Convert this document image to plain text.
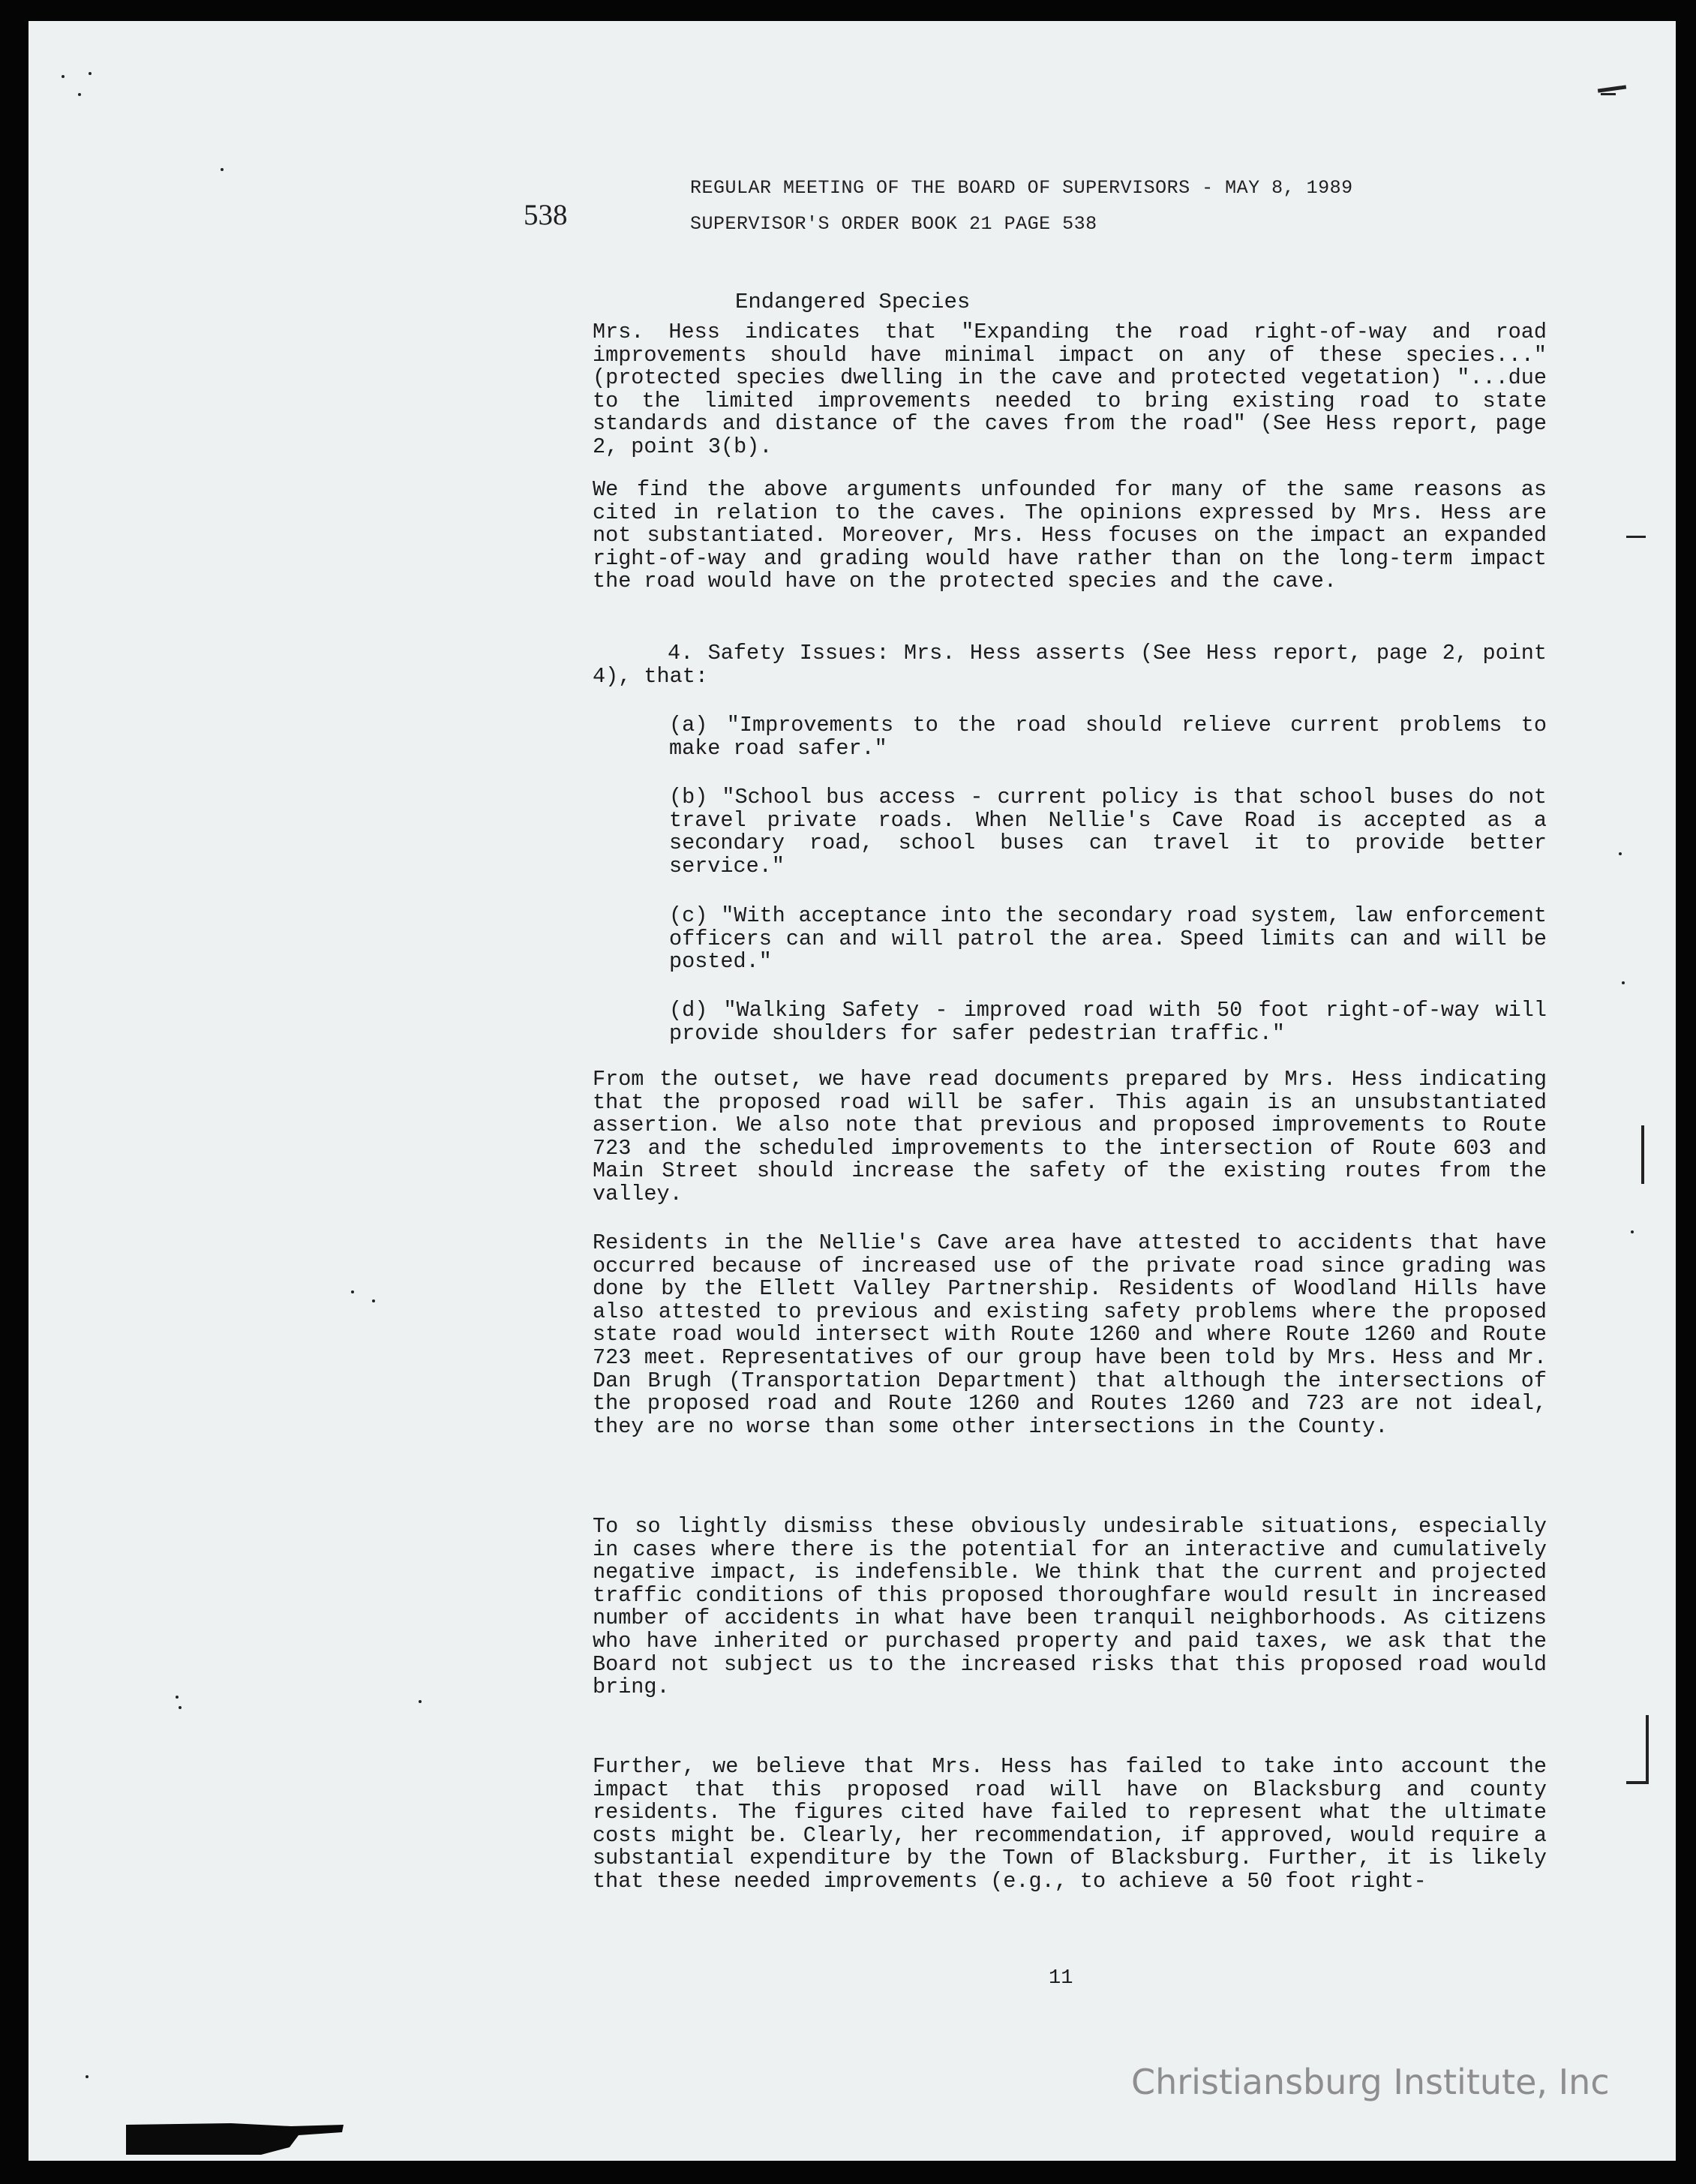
REGULAR MEETING OF THE BOARD OF SUPERVISORS - MAY 8, 1989
SUPERVISOR'S ORDER BOOK 21 PAGE 538
538
Endangered Species

Mrs. Hess indicates that "Expanding the road right-of-way and road improvements should have minimal impact on any of these species..." (protected species dwelling in the cave and protected vegetation) "...due to the limited improvements needed to bring existing road to state standards and distance of the caves from the road" (See Hess report, page 2, point 3(b).

We find the above arguments unfounded for many of the same reasons as cited in relation to the caves. The opinions expressed by Mrs. Hess are not substantiated. Moreover, Mrs. Hess focuses on the impact an expanded right-of-way and grading would have rather than on the long-term impact the road would have on the protected species and the cave.

4. Safety Issues: Mrs. Hess asserts (See Hess report, page 2, point 4), that:

(a) "Improvements to the road should relieve current problems to make road safer."

(b) "School bus access - current policy is that school buses do not travel private roads. When Nellie's Cave Road is accepted as a secondary road, school buses can travel it to provide better service."

(c) "With acceptance into the secondary road system, law enforcement officers can and will patrol the area. Speed limits can and will be posted."

(d) "Walking Safety - improved road with 50 foot right-of-way will provide shoulders for safer pedestrian traffic."

From the outset, we have read documents prepared by Mrs. Hess indicating that the proposed road will be safer. This again is an unsubstantiated assertion. We also note that previous and proposed improvements to Route 723 and the scheduled improvements to the intersection of Route 603 and Main Street should increase the safety of the existing routes from the valley.

Residents in the Nellie's Cave area have attested to accidents that have occurred because of increased use of the private road since grading was done by the Ellett Valley Partnership. Residents of Woodland Hills have also attested to previous and existing safety problems where the proposed state road would intersect with Route 1260 and where Route 1260 and Route 723 meet. Representatives of our group have been told by Mrs. Hess and Mr. Dan Brugh (Transportation Department) that although the intersections of the proposed road and Route 1260 and Routes 1260 and 723 are not ideal, they are no worse than some other intersections in the County.

To so lightly dismiss these obviously undesirable situations, especially in cases where there is the potential for an interactive and cumulatively negative impact, is indefensible. We think that the current and projected traffic conditions of this proposed thoroughfare would result in increased number of accidents in what have been tranquil neighborhoods. As citizens who have inherited or purchased property and paid taxes, we ask that the Board not subject us to the increased risks that this proposed road would bring.

Further, we believe that Mrs. Hess has failed to take into account the impact that this proposed road will have on Blacksburg and county residents. The figures cited have failed to represent what the ultimate costs might be. Clearly, her recommendation, if approved, would require a substantial expenditure by the Town of Blacksburg. Further, it is likely that these needed improvements (e.g., to achieve a 50 foot right-

11
Christiansburg Institute, Inc
